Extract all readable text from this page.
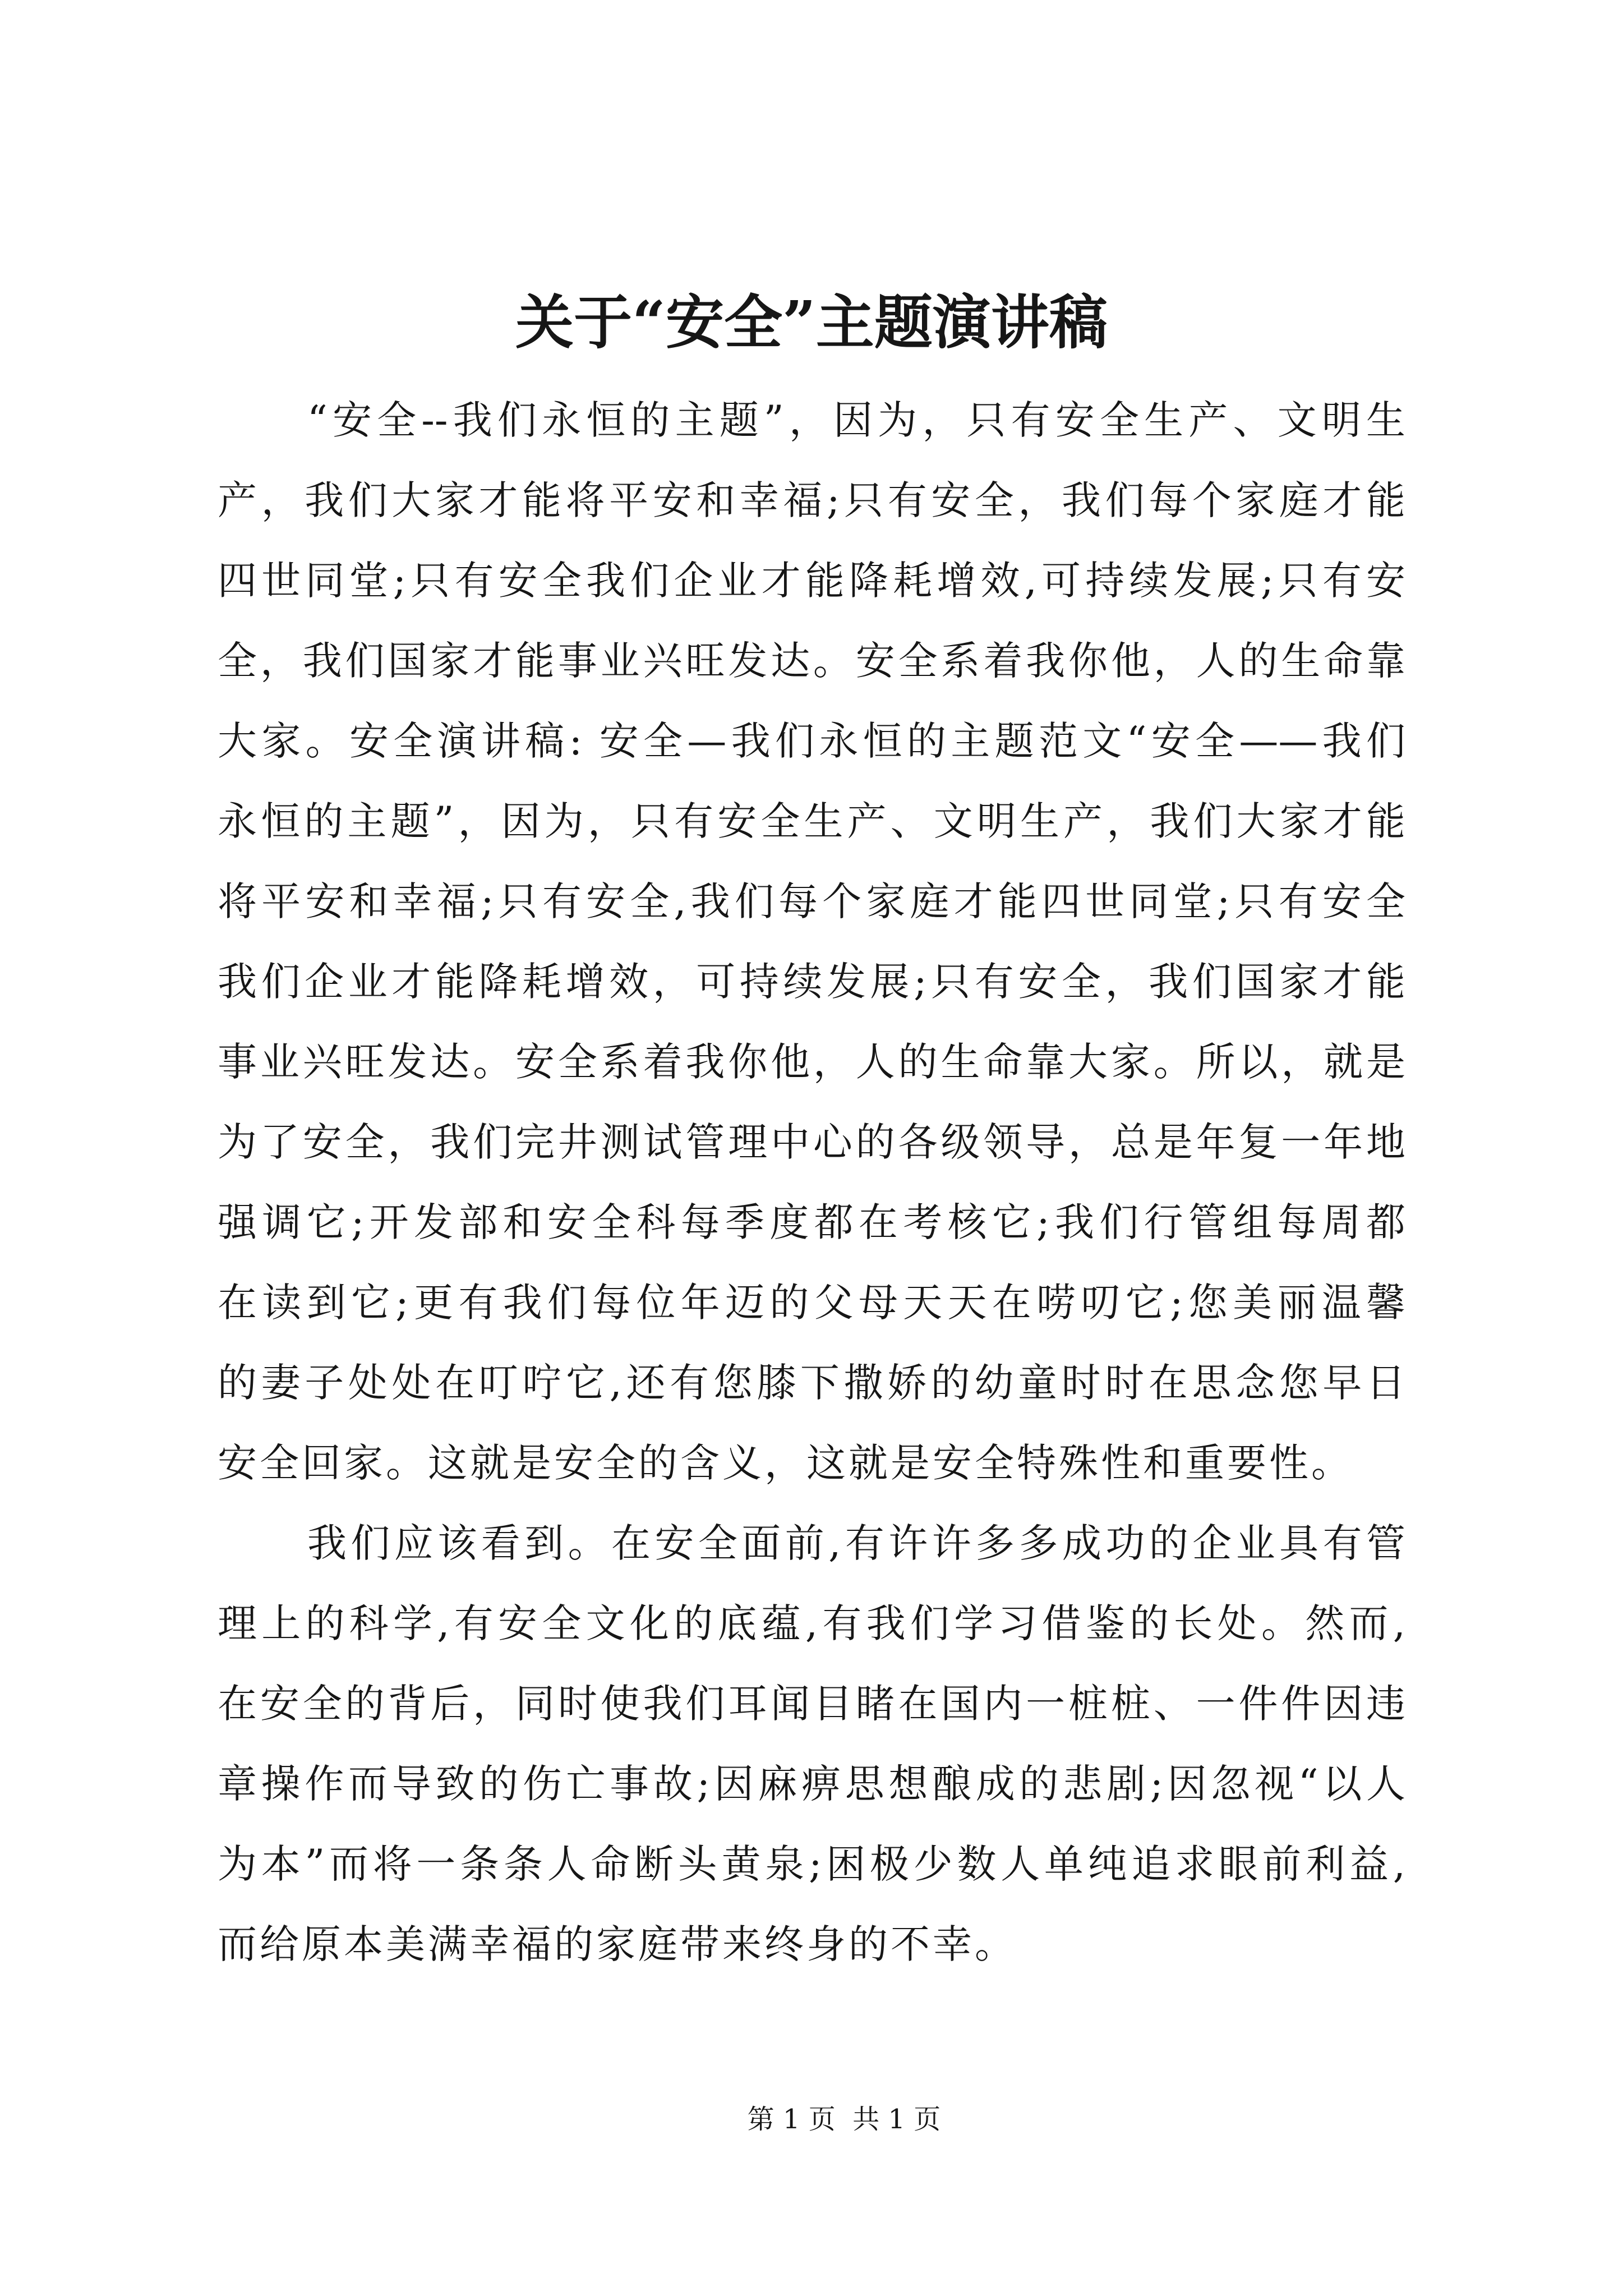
关于“安全”主题演讲稿
“安全--我们永恒的主题”，因为，只有安全生产、文明生
产，我们大家才能将平安和幸福;只有安全，我们每个家庭才能
四世同堂;只有安全我们企业才能降耗增效,可持续发展;只有安
全，我们国家才能事业兴旺发达。安全系着我你他，人的生命靠
大家。安全演讲稿: 安全—我们永恒的主题范文“安全——我们
永恒的主题”，因为，只有安全生产、文明生产，我们大家才能
将平安和幸福;只有安全,我们每个家庭才能四世同堂;只有安全
我们企业才能降耗增效，可持续发展;只有安全，我们国家才能
事业兴旺发达。安全系着我你他，人的生命靠大家。所以，就是
为了安全，我们完井测试管理中心的各级领导，总是年复一年地
强调它;开发部和安全科每季度都在考核它;我们行管组每周都
在读到它;更有我们每位年迈的父母天天在唠叨它;您美丽温馨
的妻子处处在叮咛它,还有您膝下撒娇的幼童时时在思念您早日
安全回家。这就是安全的含义，这就是安全特殊性和重要性。
我们应该看到。在安全面前,有许许多多成功的企业具有管
理上的科学,有安全文化的底蕴,有我们学习借鉴的长处。然而,
在安全的背后，同时使我们耳闻目睹在国内一桩桩、一件件因违
章操作而导致的伤亡事故;因麻痹思想酿成的悲剧;因忽视“以人
为本”而将一条条人命断头黄泉;困极少数人单纯追求眼前利益,
而给原本美满幸福的家庭带来终身的不幸。
第 1 页  共 1 页
